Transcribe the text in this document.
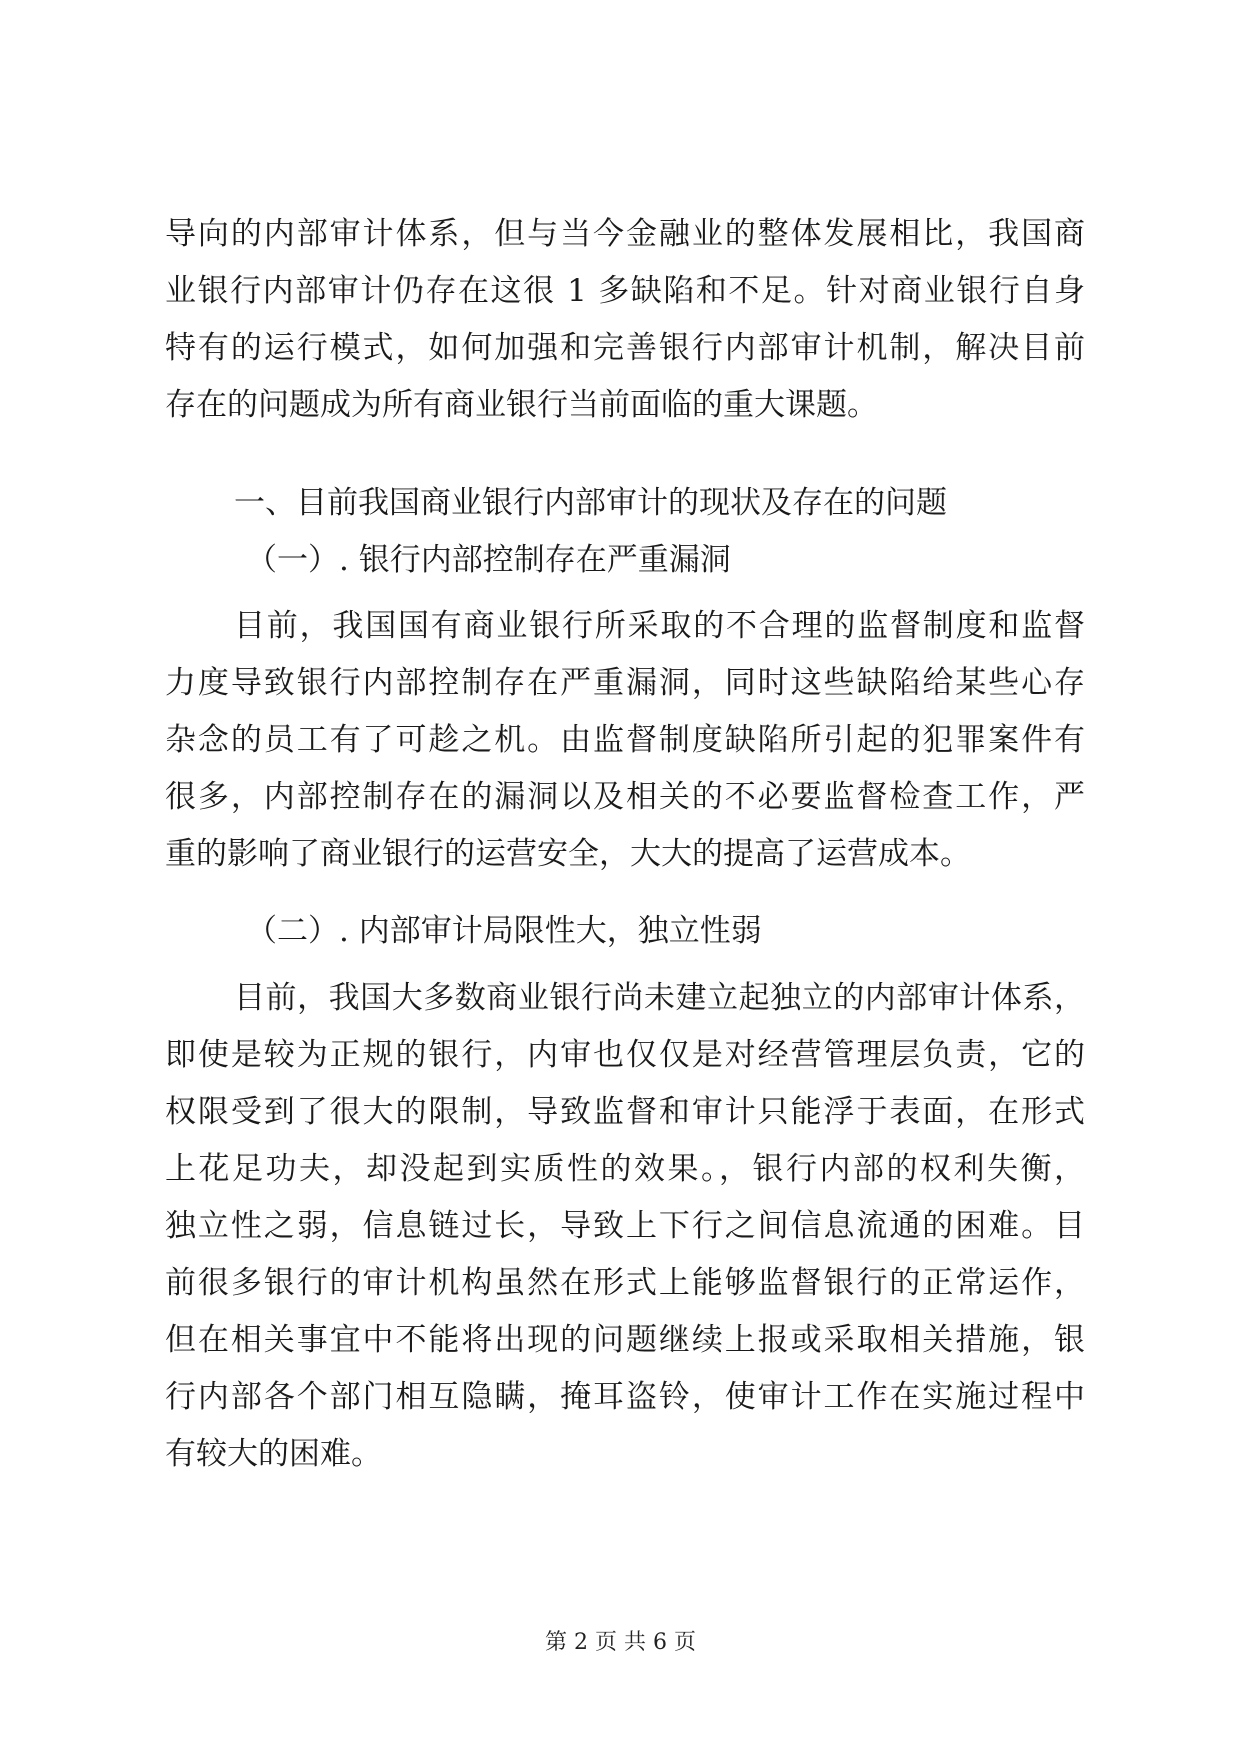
导向的内部审计体系，但与当今金融业的整体发展相比，我国商
业银行内部审计仍存在这很 1 多缺陷和不足。针对商业银行自身
特有的运行模式，如何加强和完善银行内部审计机制，解决目前
存在的问题成为所有商业银行当前面临的重大课题。
一、目前我国商业银行内部审计的现状及存在的问题
（一）. 银行内部控制存在严重漏洞
目前，我国国有商业银行所采取的不合理的监督制度和监督
力度导致银行内部控制存在严重漏洞，同时这些缺陷给某些心存
杂念的员工有了可趁之机。由监督制度缺陷所引起的犯罪案件有
很多，内部控制存在的漏洞以及相关的不必要监督检查工作，严
重的影响了商业银行的运营安全，大大的提高了运营成本。
（二）. 内部审计局限性大，独立性弱
目前，我国大多数商业银行尚未建立起独立的内部审计体系，
即使是较为正规的银行，内审也仅仅是对经营管理层负责，它的
权限受到了很大的限制，导致监督和审计只能浮于表面，在形式
上花足功夫，却没起到实质性的效果。，银行内部的权利失衡，
独立性之弱，信息链过长，导致上下行之间信息流通的困难。目
前很多银行的审计机构虽然在形式上能够监督银行的正常运作，
但在相关事宜中不能将出现的问题继续上报或采取相关措施，银
行内部各个部门相互隐瞒，掩耳盗铃，使审计工作在实施过程中
有较大的困难。
第 2 页 共 6 页
